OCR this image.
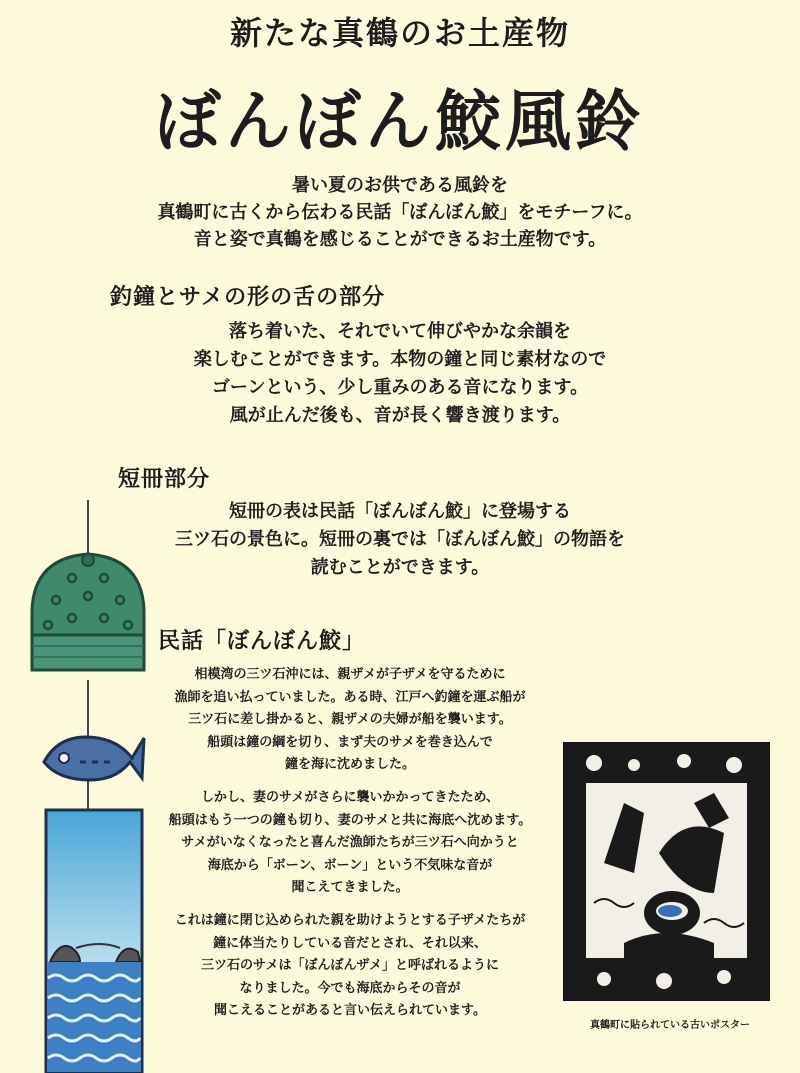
新たな真鶴のお土産物
ぼんぼん鮫風鈴
暑い夏のお供である風鈴を
真鶴町に古くから伝わる民話「ぼんぼん鮫」をモチーフに。
音と姿で真鶴を感じることができるお土産物です。
釣鐘とサメの形の舌の部分
落ち着いた、それでいて伸びやかな余韻を
楽しむことができます。本物の鐘と同じ素材なので
ゴーンという、少し重みのある音になります。
風が止んだ後も、音が長く響き渡ります。
短冊部分
短冊の表は民話「ぼんぼん鮫」に登場する
三ツ石の景色に。短冊の裏では「ぼんぼん鮫」の物語を
読むことができます。
民話「ぼんぼん鮫」
相模湾の三ツ石沖には、親ザメが子ザメを守るために
漁師を追い払っていました。ある時、江戸へ釣鐘を運ぶ船が
三ツ石に差し掛かると、親ザメの夫婦が船を襲います。
船頭は鐘の綱を切り、まず夫のサメを巻き込んで
鐘を海に沈めました。
しかし、妻のサメがさらに襲いかかってきたため、
船頭はもう一つの鐘も切り、妻のサメと共に海底へ沈めます。
サメがいなくなったと喜んだ漁師たちが三ツ石へ向かうと
海底から「ボーン、ボーン」という不気味な音が
聞こえてきました。
これは鐘に閉じ込められた親を助けようとする子ザメたちが
鐘に体当たりしている音だとされ、それ以来、
三ツ石のサメは「ぼんぼんザメ」と呼ばれるように
なりました。今でも海底からその音が
聞こえることがあると言い伝えられています。
真鶴町に貼られている古いポスター
